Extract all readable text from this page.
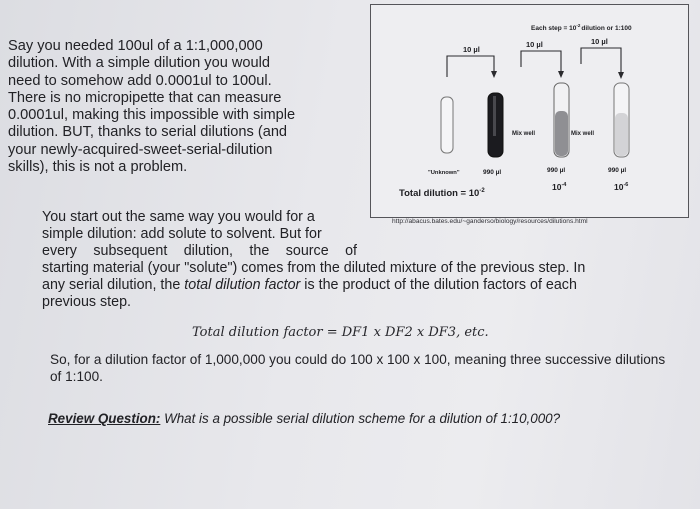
Say you needed 100ul of a 1:1,000,000
dilution. With a simple dilution you would
need to somehow add 0.0001ul to 100ul.
There is no micropipette that can measure
0.0001ul, making this impossible with simple
dilution. BUT, thanks to serial dilutions (and
your newly-acquired-sweet-serial-dilution
skills), this is not a problem.
Each step = $10^{-2}dilution$ or 1:100
10 µl
10 µl	10 µl
Mix well	Mix well
"Unknown"	990 µl	990 µl	990 µl
Total dilution = $10^{-2}$	$10^{-4}$	$10^{-6}$
http://abacus.bates.edu/~ganderso/biology/resources/dilutions.html
You start out the same way you would for a
simple dilution: add solute to solvent. But for
every subsequent dilution, the source of
starting material (your "solute") comes from the diluted mixture of the previous step. In
any serial dilution, the total dilution factor is the product of the dilution factors of each
previous step.
Total dilution factor = DF1 x DF2 x DF3, etc.
So, for a dilution factor of 1,000,000 you could do 100 x 100 x 100, meaning three successive dilutions of 1:100.
Review Question: What is a possible serial dilution scheme for a dilution of 1:10,000?
